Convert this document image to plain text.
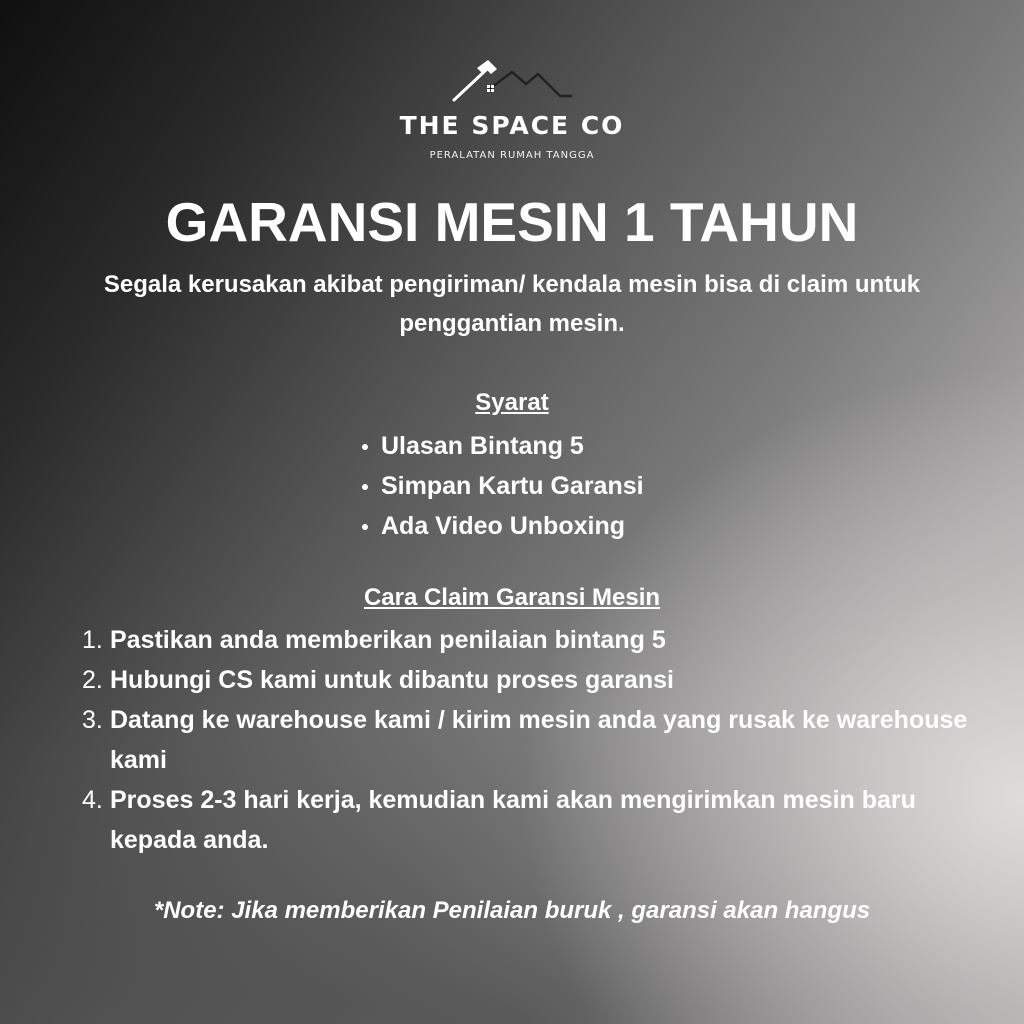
THE SPACE CO
PERALATAN RUMAH TANGGA
GARANSI MESIN 1 TAHUN
Segala kerusakan akibat pengiriman/ kendala mesin bisa di claim untuk penggantian mesin.
Syarat
Ulasan Bintang 5
Simpan Kartu Garansi
Ada Video Unboxing
Cara Claim Garansi Mesin
1. Pastikan anda memberikan penilaian bintang 5
2. Hubungi CS kami untuk dibantu proses garansi
3. Datang ke warehouse kami / kirim mesin anda yang rusak ke warehouse kami
4. Proses 2-3 hari kerja, kemudian kami akan mengirimkan mesin baru kepada anda.
*Note: Jika memberikan Penilaian buruk , garansi akan hangus
